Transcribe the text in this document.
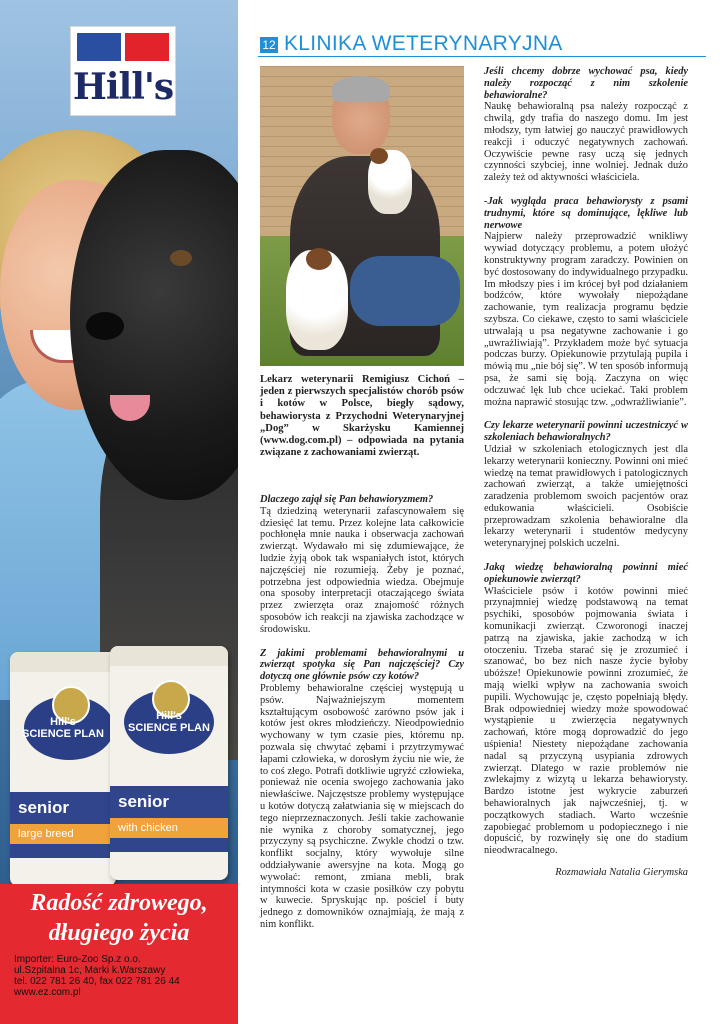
Hill's
SCIENCE PLAN
senior
large breed
Hill's
SCIENCE PLAN
senior
with chicken
Hill's
Radość zdrowego,
długiego życia
Importer: Euro-Zoo Sp.z o.o.
ul.Szpitalna 1c, Marki k.Warszawy
tel. 022 781 26 40, fax 022 781 26 44
www.ez.com.pl
12 KLINIKA WETERYNARYJNA
Lekarz weterynarii Remigiusz Cichoń – jeden z pierwszych specjalistów chorób psów i kotów w Polsce, biegły sądowy, behawiorysta z Przychodni Weterynaryjnej „Dog” w Skarżysku Kamiennej (www.dog.com.pl) – odpowiada na pytania związane z zachowaniami zwierząt.
Dlaczego zajął się Pan behawioryzmem?
Tą dziedziną weterynarii zafascynowałem się dziesięć lat temu. Przez kolejne lata całkowicie pochłonęła mnie nauka i obserwacja zachowań zwierząt. Wydawało mi się zdumiewające, że ludzie żyją obok tak wspaniałych istot, których najczęściej nie rozumieją. Żeby je poznać, potrzebna jest odpowiednia wiedza. Obejmuje ona sposoby interpretacji otaczającego świata przez zwierzęta oraz znajomość różnych sposobów ich reakcji na zjawiska zachodzące w środowisku.
Z jakimi problemami behawioralnymi u zwierząt spotyka się Pan najczęściej? Czy dotyczą one głównie psów czy kotów?
Problemy behawioralne częściej występują u psów. Najważniejszym momentem kształtującym osobowość zarówno psów jak i kotów jest okres młodzieńczy. Nieodpowiednio wychowany w tym czasie pies, któremu np. pozwala się chwytać zębami i przytrzymywać łapami człowieka, w dorosłym życiu nie wie, że to coś złego. Potrafi dotkliwie ugryźć człowieka, ponieważ nie ocenia swojego zachowania jako niewłaściwe. Najczęstsze problemy występujące u kotów dotyczą załatwiania się w miejscach do tego nieprzeznaczonych. Jeśli takie zachowanie nie wynika z choroby somatycznej, jego przyczyny są psychiczne. Zwykle chodzi o tzw. konflikt socjalny, który wywołuje silne oddziaływanie awersyjne na kota. Mogą go wywołać: remont, zmiana mebli, brak intymności kota w czasie posiłków czy pobytu w kuwecie. Spryskując np. pościel i buty jednego z domowników oznajmiają, że mają z nim konflikt.
Jeśli chcemy dobrze wychować psa, kiedy należy rozpocząć z nim szkolenie behawioralne?
Naukę behawioralną psa należy rozpocząć z chwilą, gdy trafia do naszego domu. Im jest młodszy, tym łatwiej go nauczyć prawidłowych reakcji i oduczyć negatywnych zachowań. Oczywiście pewne rasy uczą się jednych czynności szybciej, inne wolniej. Jednak dużo zależy też od aktywności właściciela.
-Jak wygląda praca behawiorysty z psami trudnymi, które są dominujące, lękliwe lub nerwowe
Najpierw należy przeprowadzić wnikliwy wywiad dotyczący problemu, a potem ułożyć konstruktywny program zaradczy. Powinien on być dostosowany do indywidualnego przypadku. Im młodszy pies i im krócej był pod działaniem bodźców, które wywołały niepożądane zachowanie, tym realizacja programu będzie szybsza. Co ciekawe, często to sami właściciele utrwalają u psa negatywne zachowanie i go „uwrażliwiają”. Przykładem może być sytuacja podczas burzy. Opiekunowie przytulają pupila i mówią mu „nie bój się”. W ten sposób informują psa, że sami się boją. Zaczyna on więc odczuwać lęk lub chce uciekać. Taki problem można naprawić stosując tzw. „odwrażliwianie”.
Czy lekarze weterynarii powinni uczestniczyć w szkoleniach behawioralnych?
Udział w szkoleniach etologicznych jest dla lekarzy weterynarii konieczny. Powinni oni mieć wiedzę na temat prawidłowych i patologicznych zachowań zwierząt, a także umiejętności zaradzenia problemom swoich pacjentów oraz edukowania właścicieli. Osobiście przeprowadzam szkolenia behawioralne dla lekarzy weterynarii i studentów medycyny weterynaryjnej polskich uczelni.
Jaką wiedzę behawioralną powinni mieć opiekunowie zwierząt?
Właściciele psów i kotów powinni mieć przynajmniej wiedzę podstawową na temat psychiki, sposobów pojmowania świata i komunikacji zwierząt. Czworonogi inaczej patrzą na zjawiska, jakie zachodzą w ich otoczeniu. Trzeba starać się je zrozumieć i szanować, bo bez nich nasze życie byłoby ubóższe! Opiekunowie powinni zrozumieć, że mają wielki wpływ na zachowania swoich pupili. Wychowując je, często popełniają błędy. Brak odpowiedniej wiedzy może spowodować wystąpienie u zwierzęcia negatywnych zachowań, które mogą doprowadzić do jego uśpienia! Niestety niepożądane zachowania nadal są przyczyną usypiania zdrowych zwierząt. Dlatego w razie problemów nie zwlekajmy z wizytą u lekarza behawiorysty. Bardzo istotne jest wykrycie zaburzeń behawioralnych jak najwcześniej, tj. w początkowych stadiach. Warto wcześnie zapobiegać problemom u podopiecznego i nie dopuścić, by rozwinęły się one do stadium nieodwracalnego.
Rozmawiała Natalia Gierymska
